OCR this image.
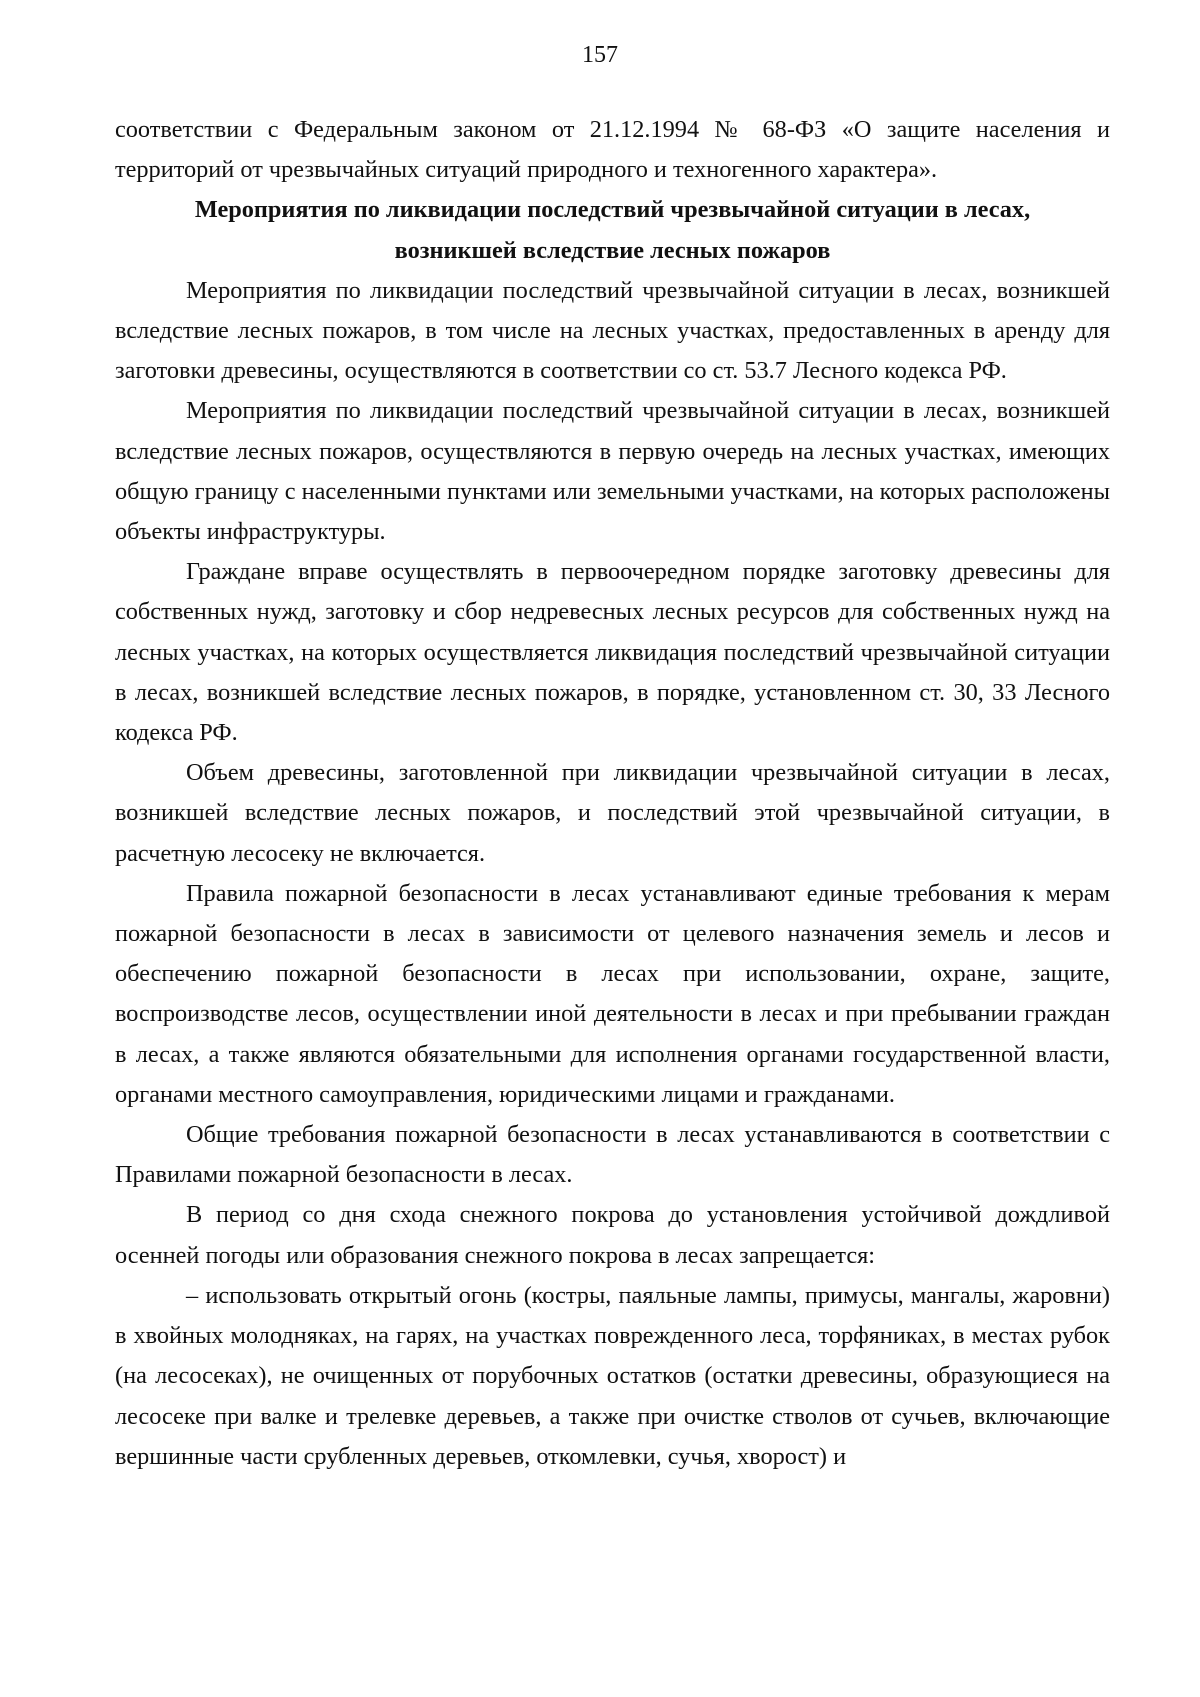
157

соответствии с Федеральным законом от 21.12.1994 № 68-ФЗ «О защите населения и территорий от чрезвычайных ситуаций природного и техногенного характера».

Мероприятия по ликвидации последствий чрезвычайной ситуации в лесах, возникшей вследствие лесных пожаров

Мероприятия по ликвидации последствий чрезвычайной ситуации в лесах, возникшей вследствие лесных пожаров, в том числе на лесных участках, предоставленных в аренду для заготовки древесины, осуществляются в соответствии со ст. 53.7 Лесного кодекса РФ.

Мероприятия по ликвидации последствий чрезвычайной ситуации в лесах, возникшей вследствие лесных пожаров, осуществляются в первую очередь на лесных участках, имеющих общую границу с населенными пунктами или земельными участками, на которых расположены объекты инфраструктуры.

Граждане вправе осуществлять в первоочередном порядке заготовку древесины для собственных нужд, заготовку и сбор недревесных лесных ресурсов для собственных нужд на лесных участках, на которых осуществляется ликвидация последствий чрезвычайной ситуации в лесах, возникшей вследствие лесных пожаров, в порядке, установленном ст. 30, 33 Лесного кодекса РФ.

Объем древесины, заготовленной при ликвидации чрезвычайной ситуации в лесах, возникшей вследствие лесных пожаров, и последствий этой чрезвычайной ситуации, в расчетную лесосеку не включается.

Правила пожарной безопасности в лесах устанавливают единые требования к мерам пожарной безопасности в лесах в зависимости от целевого назначения земель и лесов и обеспечению пожарной безопасности в лесах при использовании, охране, защите, воспроизводстве лесов, осуществлении иной деятельности в лесах и при пребывании граждан в лесах, а также являются обязательными для исполнения органами государственной власти, органами местного самоуправления, юридическими лицами и гражданами.

Общие требования пожарной безопасности в лесах устанавливаются в соответствии с Правилами пожарной безопасности в лесах.

В период со дня схода снежного покрова до установления устойчивой дождливой осенней погоды или образования снежного покрова в лесах запрещается:

– использовать открытый огонь (костры, паяльные лампы, примусы, мангалы, жаровни) в хвойных молодняках, на гарях, на участках поврежденного леса, торфяниках, в местах рубок (на лесосеках), не очищенных от порубочных остатков (остатки древесины, образующиеся на лесосеке при валке и трелевке деревьев, а также при очистке стволов от сучьев, включающие вершинные части срубленных деревьев, откомлевки, сучья, хворост) и
